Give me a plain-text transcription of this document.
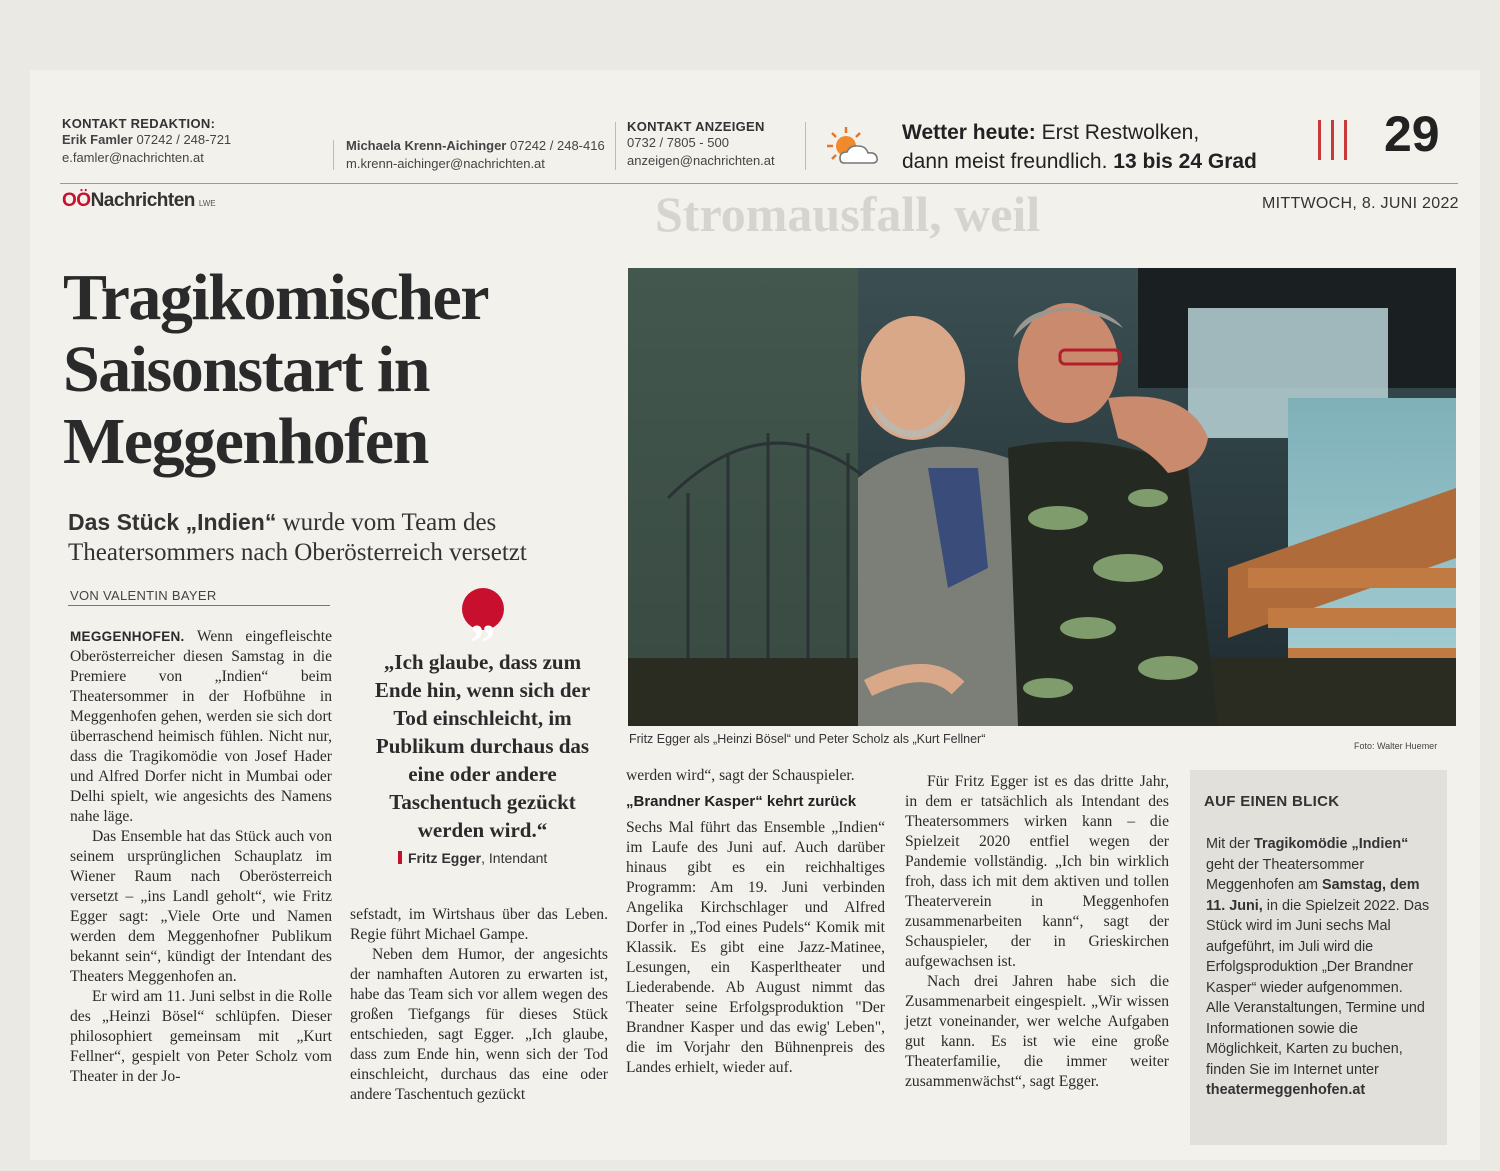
Stromausfall, weil
KONTAKT REDAKTION:
Erik Famler 07242 / 248-721
e.famler@nachrichten.at
Michaela Krenn-Aichinger 07242 / 248-416
m.krenn-aichinger@nachrichten.at
KONTAKT ANZEIGEN
0732 / 7805 - 500
anzeigen@nachrichten.at
Wetter heute: Erst Restwolken,
dann meist freundlich. 13 bis 24 Grad	29
OÖNachrichten LWE	MITTWOCH, 8. JUNI 2022
Tragikomischer
Saisonstart in
Meggenhofen
Das Stück „Indien“ wurde vom Team des
Theatersommers nach Oberösterreich versetzt
VON VALENTIN BAYER

MEGGENHOFEN. Wenn eingefleischte Oberösterreicher diesen Samstag in die Premiere von „Indien“ beim Theatersommer in der Hofbühne in Meggenhofen gehen, werden sie sich dort überraschend heimisch fühlen. Nicht nur, dass die Tragikomödie von Josef Hader und Alfred Dorfer nicht in Mumbai oder Delhi spielt, wie angesichts des Namens nahe läge.

Das Ensemble hat das Stück auch von seinem ursprünglichen Schauplatz im Wiener Raum nach Oberösterreich versetzt – „ins Landl geholt“, wie Fritz Egger sagt: „Viele Orte und Namen werden dem Meggenhofner Publikum bekannt sein“, kündigt der Intendant des Theaters Meggenhofen an.

Er wird am 11. Juni selbst in die Rolle des „Heinzi Bösel“ schlüpfen. Dieser philosophiert gemeinsam mit „Kurt Fellner“, gespielt von Peter Scholz vom Theater in der Jo-

„
„Ich glaube, dass zum Ende hin, wenn sich der Tod einschleicht, im Publikum durchaus das eine oder andere Taschentuch gezückt werden wird.“
Fritz Egger, Intendant

sefstadt, im Wirtshaus über das Leben. Regie führt Michael Gampe.

Neben dem Humor, der angesichts der namhaften Autoren zu erwarten ist, habe das Team sich vor allem wegen des großen Tiefgangs für dieses Stück entschieden, sagt Egger. „Ich glaube, dass zum Ende hin, wenn sich der Tod einschleicht, durchaus das eine oder andere Taschentuch gezückt

Fritz Egger als „Heinzi Bösel“ und Peter Scholz als „Kurt Fellner“	Foto: Walter Huemer

werden wird“, sagt der Schauspieler.

„Brandner Kasper“ kehrt zurück

Sechs Mal führt das Ensemble „Indien“ im Laufe des Juni auf. Auch darüber hinaus gibt es ein reichhaltiges Programm: Am 19. Juni verbinden Angelika Kirchschlager und Alfred Dorfer in „Tod eines Pudels“ Komik mit Klassik. Es gibt eine Jazz-Matinee, Lesungen, ein Kasperltheater und Liederabende. Ab August nimmt das Theater seine Erfolgsproduktion "Der Brandner Kasper und das ewig' Leben", die im Vorjahr den Bühnenpreis des Landes erhielt, wieder auf.

Für Fritz Egger ist es das dritte Jahr, in dem er tatsächlich als Intendant des Theatersommers wirken kann – die Spielzeit 2020 entfiel wegen der Pandemie vollständig. „Ich bin wirklich froh, dass ich mit dem aktiven und tollen Theaterverein in Meggenhofen zusammenarbeiten kann“, sagt der Schauspieler, der in Grieskirchen aufgewachsen ist.

Nach drei Jahren habe sich die Zusammenarbeit eingespielt. „Wir wissen jetzt voneinander, wer welche Aufgaben gut kann. Es ist wie eine große Theaterfamilie, die immer weiter zusammenwächst“, sagt Egger.

AUF EINEN BLICK
Mit der Tragikomödie „Indien“ geht der Theatersommer Meggenhofen am Samstag, dem 11. Juni, in die Spielzeit 2022. Das Stück wird im Juni sechs Mal aufgeführt, im Juli wird die Erfolgsproduktion „Der Brandner Kasper“ wieder aufgenommen.
Alle Veranstaltungen, Termine und Informationen sowie die Möglichkeit, Karten zu buchen, finden Sie im Internet unter
theatermeggenhofen.at
